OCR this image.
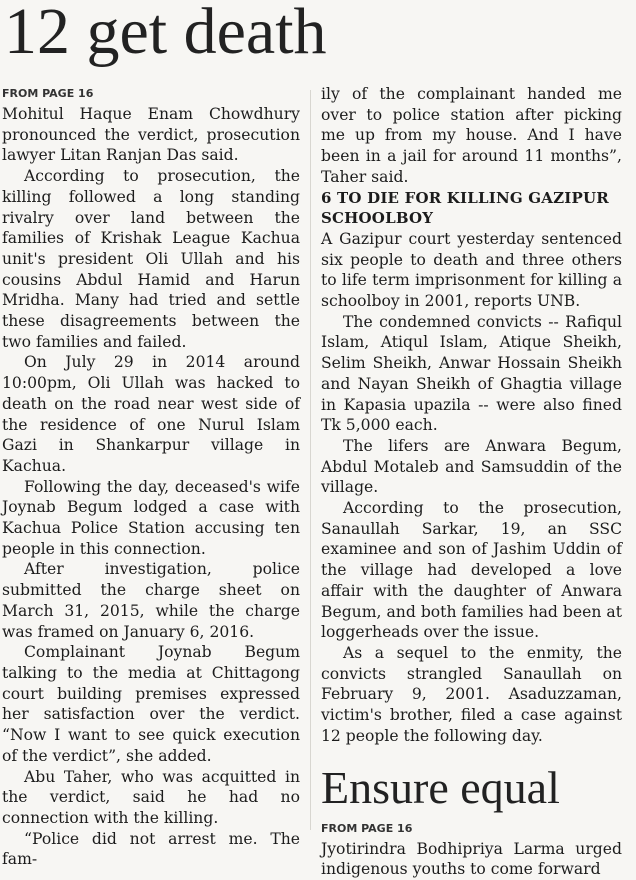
12 get death
FROM PAGE 16

Mohitul Haque Enam Chowdhury pronounced the verdict, prosecution lawyer Litan Ranjan Das said.

According to prosecution, the killing followed a long standing rivalry over land between the families of Krishak League Kachua unit's president Oli Ullah and his cousins Abdul Hamid and Harun Mridha. Many had tried and settle these disagreements between the two families and failed.

On July 29 in 2014 around 10:00pm, Oli Ullah was hacked to death on the road near west side of the residence of one Nurul Islam Gazi in Shankarpur village in Kachua.

Following the day, deceased's wife Joynab Begum lodged a case with Kachua Police Station accusing ten people in this connection.

After investigation, police submitted the charge sheet on March 31, 2015, while the charge was framed on January 6, 2016.

Complainant Joynab Begum talking to the media at Chittagong court building premises expressed her satisfaction over the verdict. “Now I want to see quick execution of the verdict”, she added.

Abu Taher, who was acquitted in the verdict, said he had no connection with the killing.

“Police did not arrest me. The fam-

ily of the complainant handed me over to police station after picking me up from my house. And I have been in a jail for around 11 months”, Taher said.

6 TO DIE FOR KILLING GAZIPUR SCHOOLBOY

A Gazipur court yesterday sentenced six people to death and three others to life term imprisonment for killing a schoolboy in 2001, reports UNB.

The condemned convicts -- Rafiqul Islam, Atiqul Islam, Atique Sheikh, Selim Sheikh, Anwar Hossain Sheikh and Nayan Sheikh of Ghagtia village in Kapasia upazila -- were also fined Tk 5,000 each.

The lifers are Anwara Begum, Abdul Motaleb and Samsuddin of the village.

According to the prosecution, Sanaullah Sarkar, 19, an SSC examinee and son of Jashim Uddin of the village had developed a love affair with the daughter of Anwara Begum, and both families had been at loggerheads over the issue.

As a sequel to the enmity, the convicts strangled Sanaullah on February 9, 2001. Asaduzzaman, victim's brother, filed a case against 12 people the following day.

Ensure equal
FROM PAGE 16

Jyotirindra Bodhipriya Larma urged indigenous youths to come forward
